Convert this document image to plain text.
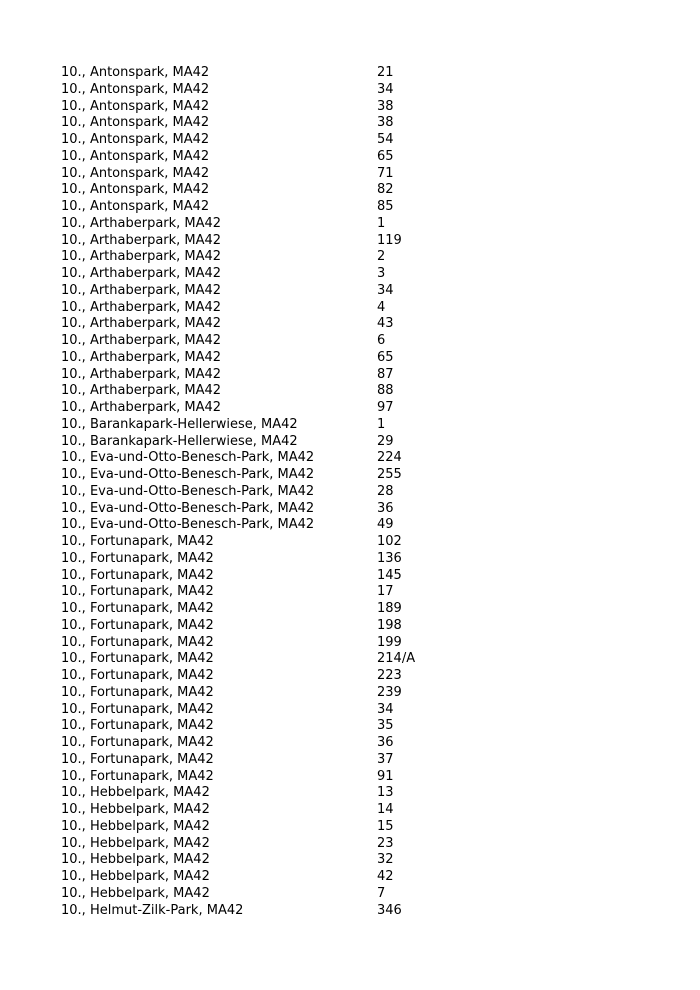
10., Antonspark, MA42	21
10., Antonspark, MA42	34
10., Antonspark, MA42	38
10., Antonspark, MA42	38
10., Antonspark, MA42	54
10., Antonspark, MA42	65
10., Antonspark, MA42	71
10., Antonspark, MA42	82
10., Antonspark, MA42	85
10., Arthaberpark, MA42	1
10., Arthaberpark, MA42	119
10., Arthaberpark, MA42	2
10., Arthaberpark, MA42	3
10., Arthaberpark, MA42	34
10., Arthaberpark, MA42	4
10., Arthaberpark, MA42	43
10., Arthaberpark, MA42	6
10., Arthaberpark, MA42	65
10., Arthaberpark, MA42	87
10., Arthaberpark, MA42	88
10., Arthaberpark, MA42	97
10., Barankapark-Hellerwiese, MA42	1
10., Barankapark-Hellerwiese, MA42	29
10., Eva-und-Otto-Benesch-Park, MA42	224
10., Eva-und-Otto-Benesch-Park, MA42	255
10., Eva-und-Otto-Benesch-Park, MA42	28
10., Eva-und-Otto-Benesch-Park, MA42	36
10., Eva-und-Otto-Benesch-Park, MA42	49
10., Fortunapark, MA42	102
10., Fortunapark, MA42	136
10., Fortunapark, MA42	145
10., Fortunapark, MA42	17
10., Fortunapark, MA42	189
10., Fortunapark, MA42	198
10., Fortunapark, MA42	199
10., Fortunapark, MA42	214/A
10., Fortunapark, MA42	223
10., Fortunapark, MA42	239
10., Fortunapark, MA42	34
10., Fortunapark, MA42	35
10., Fortunapark, MA42	36
10., Fortunapark, MA42	37
10., Fortunapark, MA42	91
10., Hebbelpark, MA42	13
10., Hebbelpark, MA42	14
10., Hebbelpark, MA42	15
10., Hebbelpark, MA42	23
10., Hebbelpark, MA42	32
10., Hebbelpark, MA42	42
10., Hebbelpark, MA42	7
10., Helmut-Zilk-Park, MA42	346
